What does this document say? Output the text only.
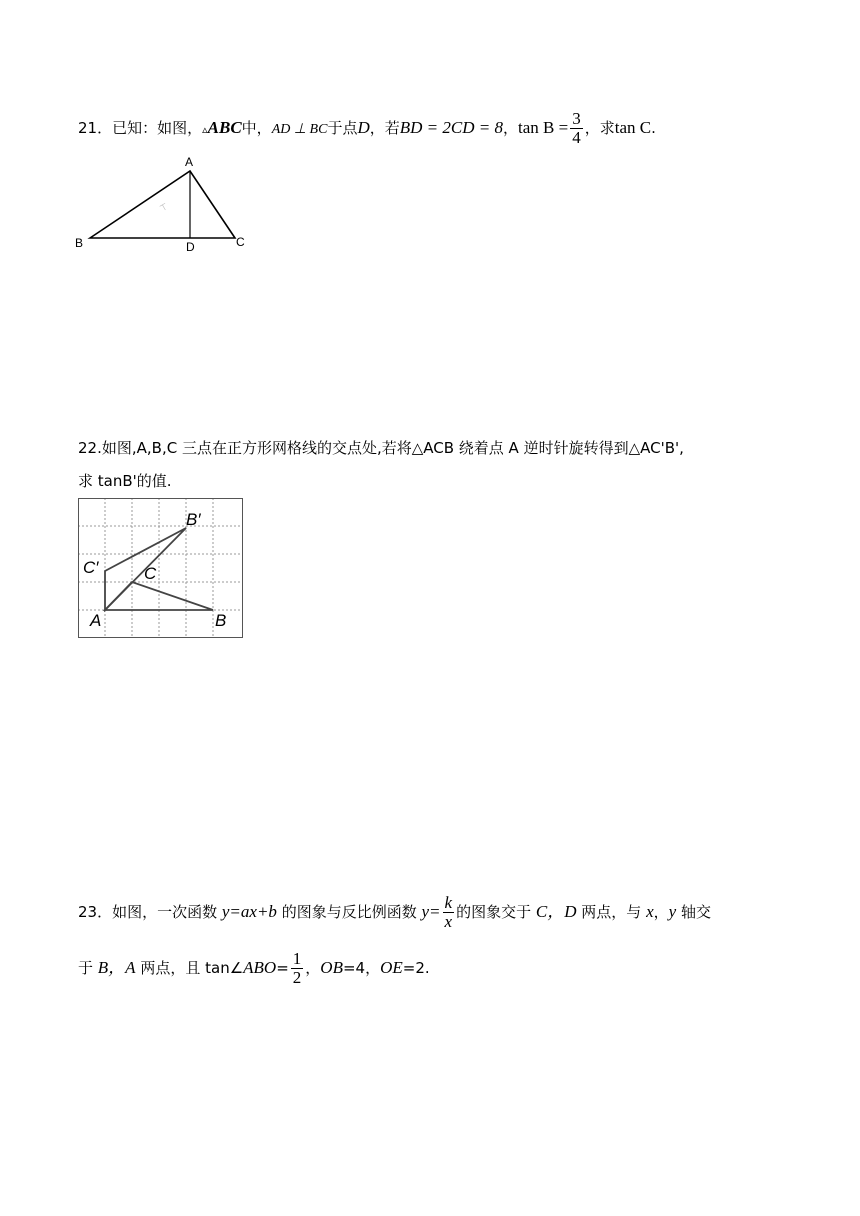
21．已知：如图，▵ABC中，AD ⊥ BC于点D，若BD = 2CD = 8，$\tan B = \frac{3}{4}$ ，求tan C.
⊤
A
B	D	C
22.如图,A,B,C 三点在正方形网格线的交点处,若将△ACB 绕着点 A 逆时针旋转得到△AC'B',
求 tanB'的值.
B′
C′	C
A	B
23．如图，一次函数 y=ax+b 的图象与反比例函数 $y= \frac{k}{x}$ 的图象交于 C，D 两点，与 x，y 轴交
于 B，A 两点，且 tan∠ABO= $\frac{1}{2}$ ，OB=4，OE=2.
